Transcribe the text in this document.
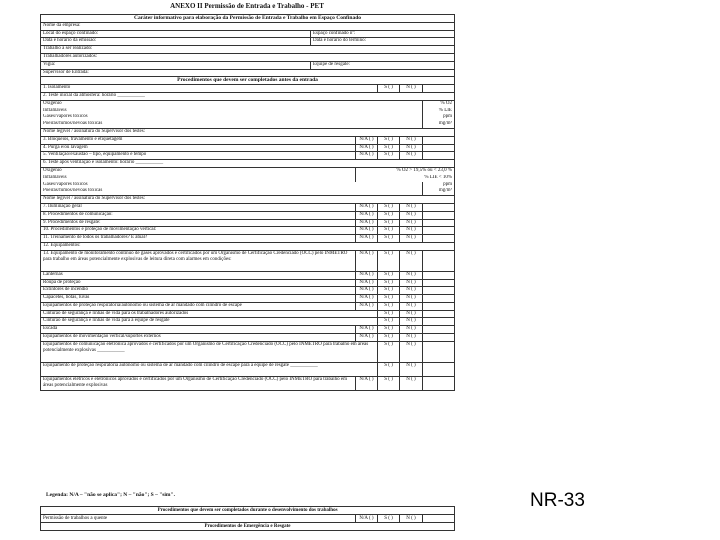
ANEXO II Permissão de Entrada e Trabalho - PET
Caráter informativo para elaboração da Permissão de Entrada e Trabalho em Espaço Confinado					
Nome da empresa:					
Local do espaço confinado:	Espaço confinado nº:				
Data e horário da emissão:	Data e horário do término:				
Trabalho a ser realizado:					
Trabalhadores autorizados:					
Vigia:	Equipe de resgate:				
Supervisor de Entrada:					
Procedimentos que devem ser completados antes da entrada					
1. Isolamento			S ( )	N ( )	
2. Teste inicial da atmosfera: horário ___________					
Oxigênio					% O2
Inflamáveis					% LIE
Gases/vapores tóxicos					ppm
Poeiras/fumos/névoas tóxicas					mg/m³
Nome legível / assinatura do Supervisor dos testes:					
3. Bloqueios, travamento e etiquetagem		N/A ( )	S ( )	N ( )	
4. Purga e/ou lavagem		N/A ( )	S ( )	N ( )	
5. Ventilação/exaustão – tipo, equipamento e tempo		N/A ( )	S ( )	N ( )	
6. Teste após ventilação e isolamento: horário ___________					
Oxigênio		% O2 > 19,5% ou < 23,0 %			
Inflamáveis		% LIE < 10%			
Gases/vapores tóxicos					ppm
Poeiras/fumos/névoas tóxicas					mg/m³
Nome legível / assinatura do Supervisor dos testes:					
7. Iluminação geral		N/A ( )	S ( )	N ( )	
8. Procedimentos de comunicação:		N/A ( )	S ( )	N ( )	
9. Procedimentos de resgate:		N/A ( )	S ( )	N ( )	
10. Procedimentos e proteção de movimentação vertical:		N/A ( )	S ( )	N ( )	
11. Treinamento de todos os trabalhadores? É atual?		N/A ( )	S ( )	N ( )	
12. Equipamentos:					
13. Equipamento de monitoramento contínuo de gases aprovados e certificados por um Organismo de Certificação Credenciado (OCC) pelo INMETRO para trabalho em áreas potencialmente explosivas de leitura direta com alarmes em condições:		N/A ( )	S ( )	N ( )	
Lanternas		N/A ( )	S ( )	N ( )	
Roupa de proteção		N/A ( )	S ( )	N ( )	
Extintores de incêndio		N/A ( )	S ( )	N ( )	
Capacetes, botas, luvas		N/A ( )	S ( )	N ( )	
Equipamentos de proteção respiratória/autônomo ou sistema de ar mandado com cilindro de escape		N/A ( )	S ( )	N ( )	
Cinturão de segurança e linhas de vida para os trabalhadores autorizados			S ( )	N ( )	
Cinturão de segurança e linhas de vida para a equipe de resgate			S ( )	N ( )	
Escada		N/A ( )	S ( )	N ( )	
Equipamentos de movimentação vertical/suportes externos		N/A ( )	S ( )	N ( )	
Equipamentos de comunicação eletrônica aprovados e certificados por um Organismo de Certificação Credenciado (OCC) pelo INMETRO para trabalho em áreas potencialmente explosivas ___________			S ( )	N ( )	
Equipamento de proteção respiratória autônomo ou sistema de ar mandado com cilindro de escape para a equipe de resgate ___________			S ( )	N ( )	
Equipamentos elétricos e eletrônicos aprovados e certificados por um Organismo de Certificação Credenciado (OCC) pelo INMETRO para trabalho em áreas potencialmente explosivas		N/A ( )	S ( )	N ( )	
Legenda: N/A – "não se aplica"; N – "não"; S – "sim".
Procedimentos que devem ser completados durante o desenvolvimento dos trabalhos
Permissão de trabalhos a quente	N/A ( )	S ( )	N ( )	
Procedimentos de Emergência e Resgate
NR-33
